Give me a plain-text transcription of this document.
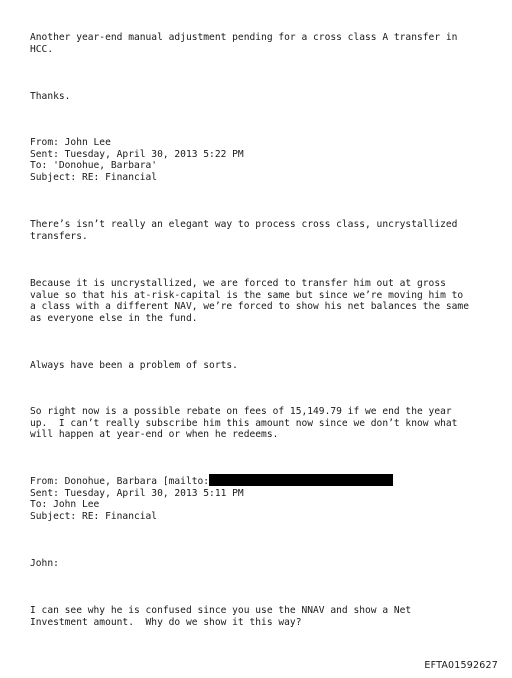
Another year-end manual adjustment pending for a cross class A transfer in

HCC.

Thanks.

From: John Lee

Sent: Tuesday, April 30, 2013 5:22 PM

To: 'Donohue, Barbara'

Subject: RE: Financial

There’s isn’t really an elegant way to process cross class, uncrystallized

transfers.

Because it is uncrystallized, we are forced to transfer him out at gross

value so that his at-risk-capital is the same but since we’re moving him to

a class with a different NAV, we’re forced to show his net balances the same

as everyone else in the fund.

Always have been a problem of sorts.

So right now is a possible rebate on fees of 15,149.79 if we end the year

up.  I can’t really subscribe him this amount now since we don’t know what

will happen at year-end or when he redeems.

From: Donohue, Barbara [mailto:

Sent: Tuesday, April 30, 2013 5:11 PM

To: John Lee

Subject: RE: Financial

John:

I can see why he is confused since you use the NNAV and show a Net

Investment amount.  Why do we show it this way?

EFTA01592627
